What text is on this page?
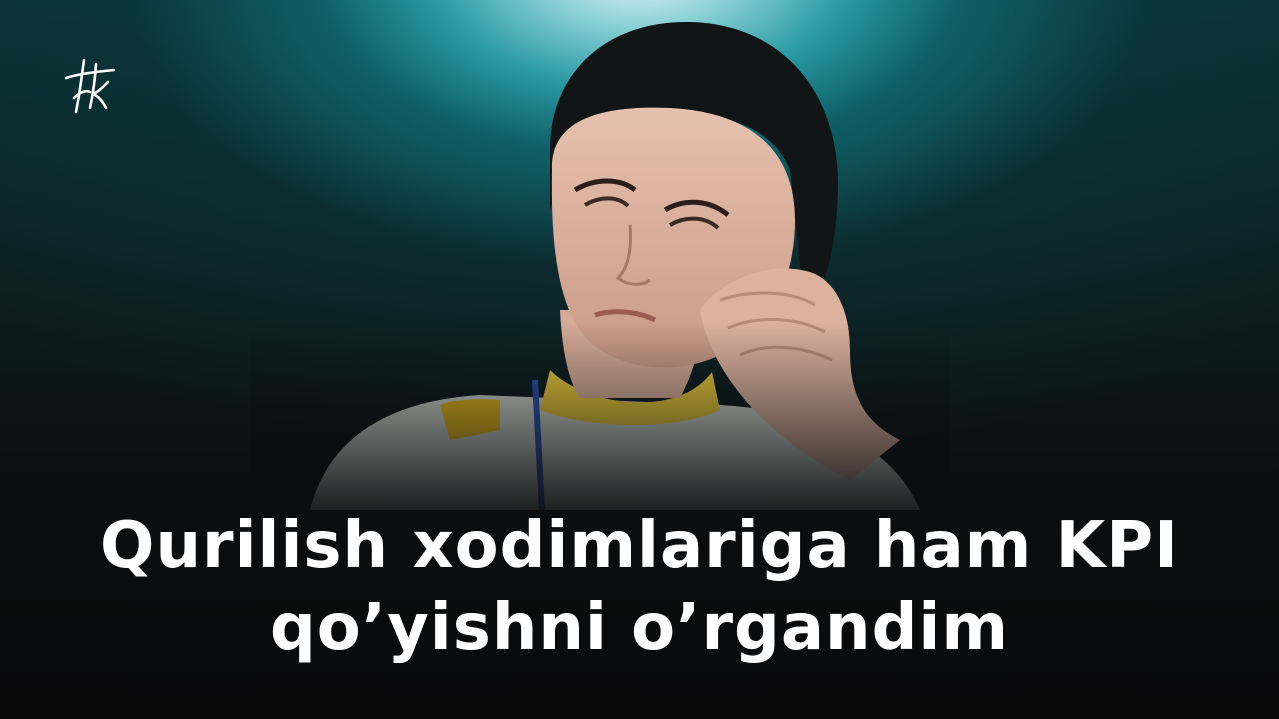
Qurilish xodimlariga ham KPI
qo’yishni o’rgandim
